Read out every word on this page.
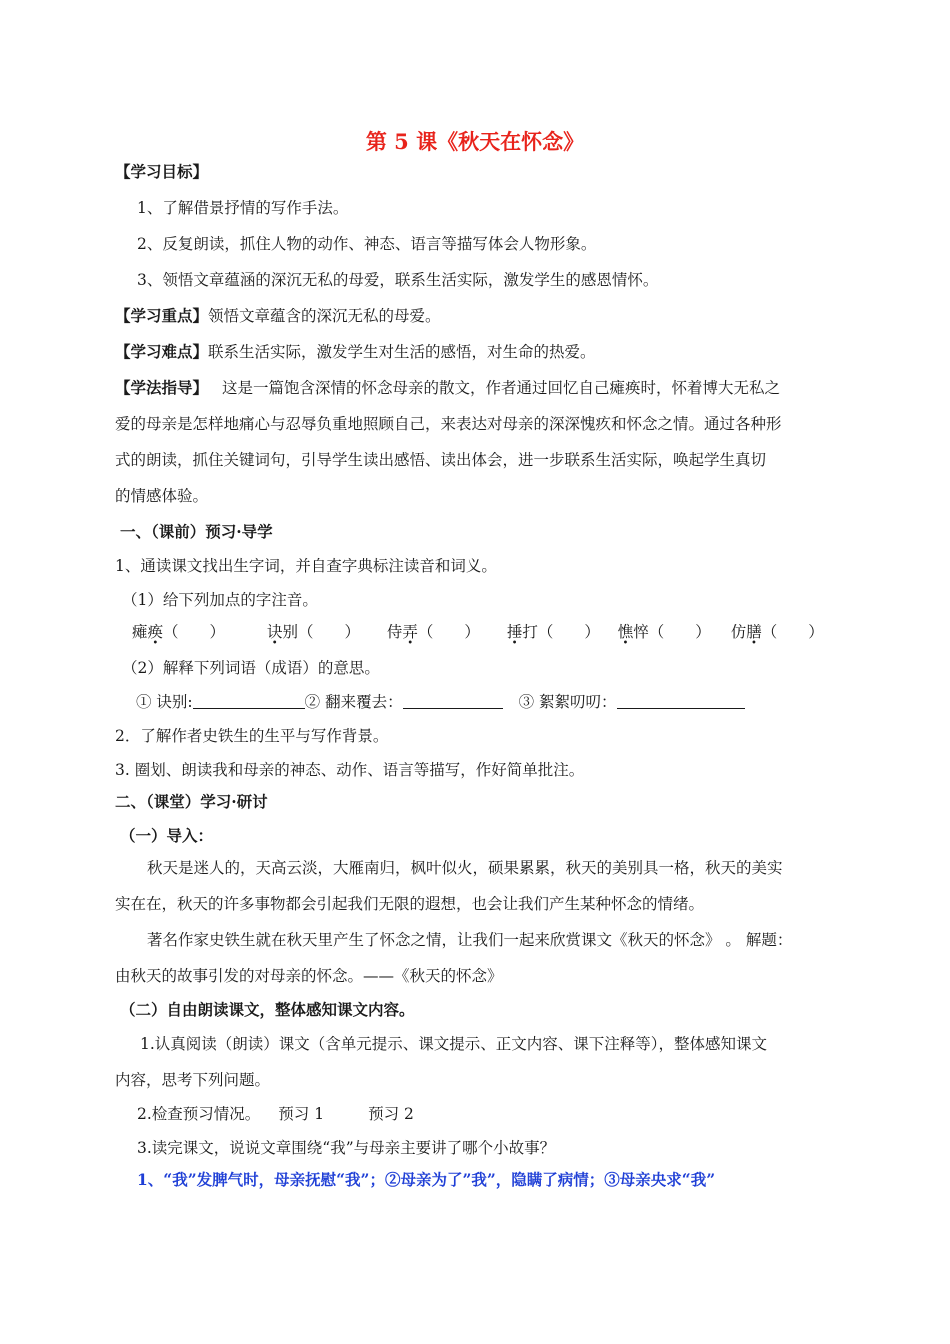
第 5 课《秋天在怀念》
【学习目标】
1、了解借景抒情的写作手法。
2、反复朗读，抓住人物的动作、神态、语言等描写体会人物形象。
3、领悟文章蕴涵的深沉无私的母爱，联系生活实际，激发学生的感恩情怀。
【学习重点】领悟文章蕴含的深沉无私的母爱。
【学习难点】联系生活实际，激发学生对生活的感悟，对生命的热爱。
【学法指导】 这是一篇饱含深情的怀念母亲的散文，作者通过回忆自己瘫痪时，怀着博大无私之
爱的母亲是怎样地痛心与忍辱负重地照顾自己，来表达对母亲的深深愧疚和怀念之情。通过各种形
式的朗读，抓住关键词句，引导学生读出感悟、读出体会，进一步联系生活实际，唤起学生真切
的情感体验。
一、（课前）预习·导学
1、通读课文找出生字词，并自查字典标注读音和词义。
（1）给下列加点的字注音。
瘫痪（　　）	诀别（　　） 侍弄（　　） 捶打（　　） 憔悴（　　） 仿膳（　　）
（2）解释下列词语（成语）的意思。
① 诀别:	② 翻来覆去：	③ 絮絮叨叨：
2．了解作者史铁生的生平与写作背景。
3. 圈划、朗读我和母亲的神态、动作、语言等描写，作好简单批注。
二、（课堂）学习·研讨
（一）导入：
秋天是迷人的，天高云淡，大雁南归，枫叶似火，硕果累累，秋天的美别具一格，秋天的美实
实在在，秋天的许多事物都会引起我们无限的遐想，也会让我们产生某种怀念的情绪。
著名作家史铁生就在秋天里产生了怀念之情，让我们一起来欣赏课文《秋天的怀念》 。 解题：
由秋天的故事引发的对母亲的怀念。——《秋天的怀念》
（二）自由朗读课文，整体感知课文内容。
1.认真阅读（朗读）课文（含单元提示、课文提示、正文内容、课下注释等），整体感知课文
内容，思考下列问题。
2.检查预习情况。 预习 1	预习 2
3.读完课文，说说文章围绕“我”与母亲主要讲了哪个小故事？
1、“我”发脾气时，母亲抚慰“我”；②母亲为了”我”，隐瞒了病情；③母亲央求“我”
